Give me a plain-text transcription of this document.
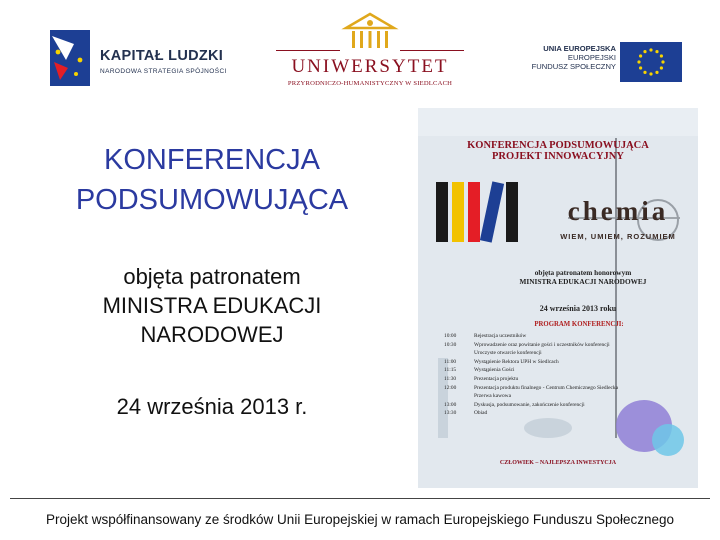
KAPITAŁ LUDZKI
NARODOWA STRATEGIA SPÓJNOŚCI	UNIWERSYTET
PRZYRODNICZO-HUMANISTYCZNY W SIEDLCACH
UNIA EUROPEJSKA
EUROPEJSKI
FUNDUSZ SPOŁECZNY
KONFERENCJA
PODSUMOWUJĄCA
objęta patronatem
MINISTRA EDUKACJI
NARODOWEJ
24 września 2013 r.
KONFERENCJA PODSUMOWUJĄCA
PROJEKT INNOWACYJNY
chemia
WIEM, UMIEM, ROZUMIEM
objęta patronatem honorowym
MINISTRA EDUKACJI NARODOWEJ
24 września 2013 roku
PROGRAM KONFERENCJI:
10:00	Rejestracja uczestników
10:30	Wprowadzenie oraz powitanie gości i uczestników konferencji
Uroczyste otwarcie konferencji
11:00	Wystąpienie Rektora UPH w Siedlcach
11:15	Wystąpienia Gości
11:30	Prezentacja projektu
12:00	Prezentacja produktu finalnego - Centrum Chemicznego Siedlecka
Przerwa kawowa
13:00	Dyskusja, podsumowanie, zakończenie konferencji
13:30	Obiad
CZŁOWIEK – NAJLEPSZA INWESTYCJA
Projekt współfinansowany ze środków Unii Europejskiej w ramach Europejskiego Funduszu Społecznego
